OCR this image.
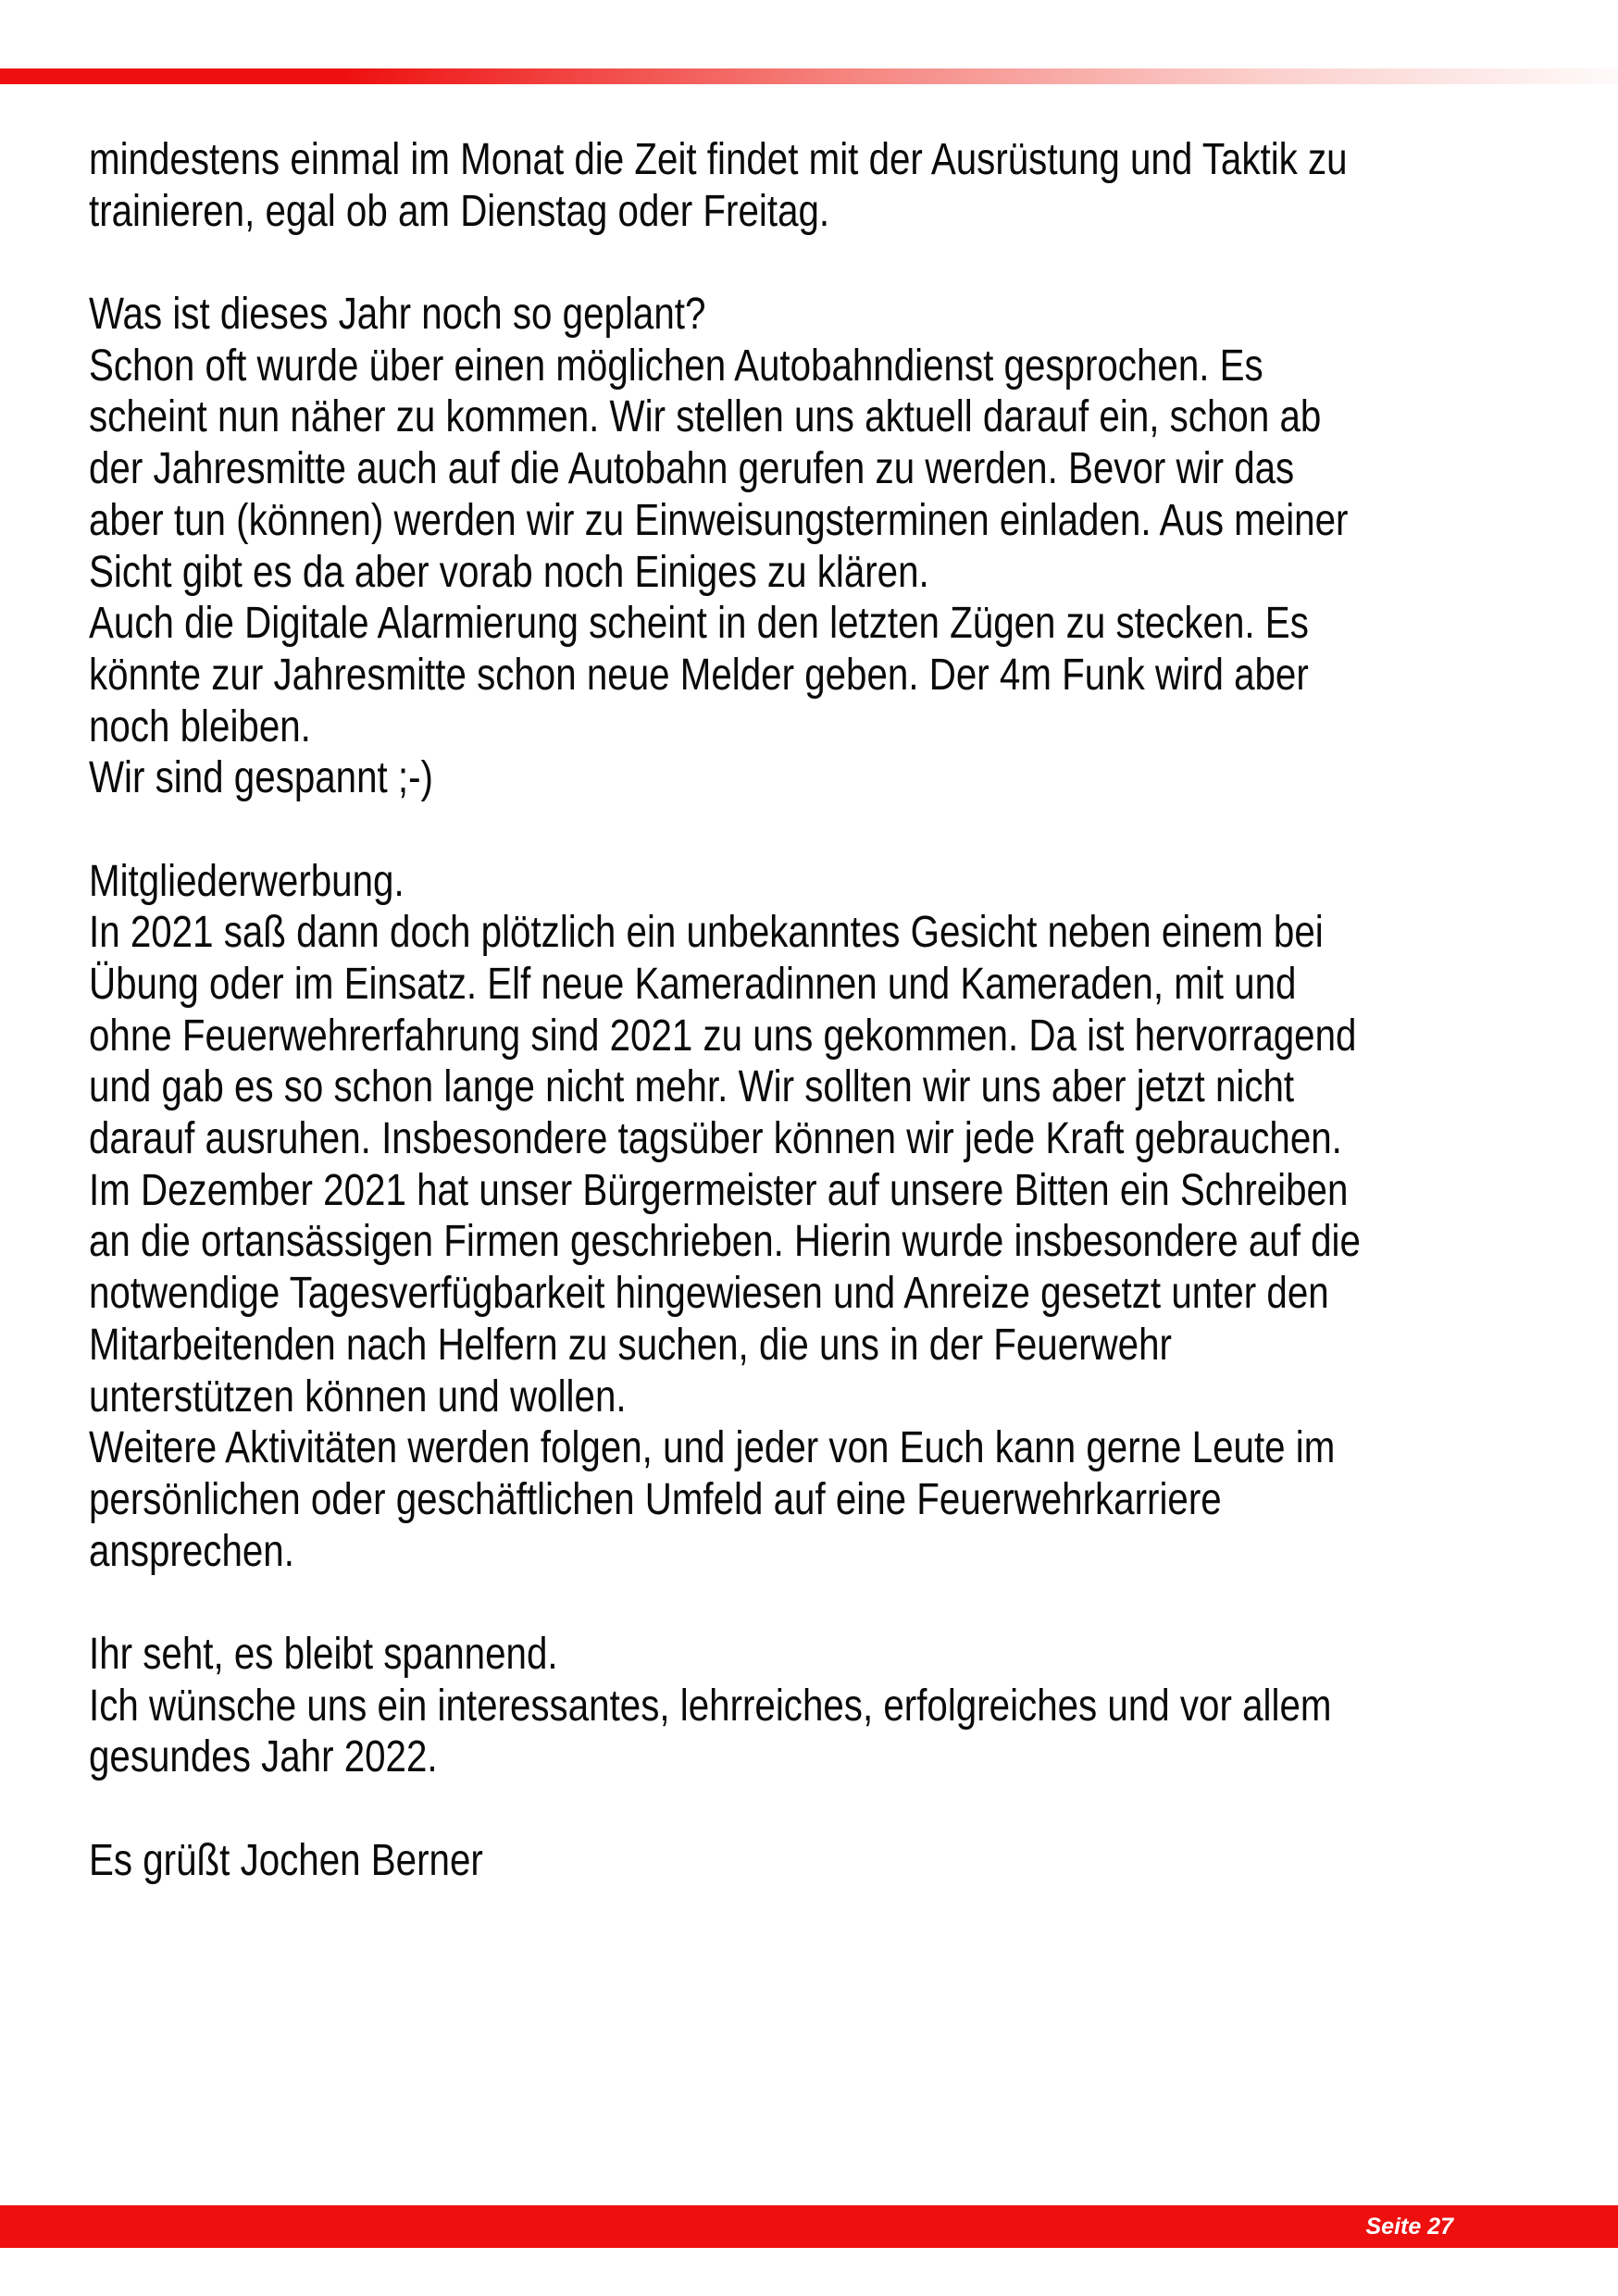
mindestens einmal im Monat die Zeit findet mit der Ausrüstung und Taktik zu
trainieren, egal ob am Dienstag oder Freitag.

Was ist dieses Jahr noch so geplant?
Schon oft wurde über einen möglichen Autobahndienst gesprochen. Es
scheint nun näher zu kommen. Wir stellen uns aktuell darauf ein, schon ab
der Jahresmitte auch auf die Autobahn gerufen zu werden. Bevor wir das
aber tun (können) werden wir zu Einweisungsterminen einladen. Aus meiner
Sicht gibt es da aber vorab noch Einiges zu klären.
Auch die Digitale Alarmierung scheint in den letzten Zügen zu stecken. Es
könnte zur Jahresmitte schon neue Melder geben. Der 4m Funk wird aber
noch bleiben.
Wir sind gespannt ;-)

Mitgliederwerbung.
In 2021 saß dann doch plötzlich ein unbekanntes Gesicht neben einem bei
Übung oder im Einsatz. Elf neue Kameradinnen und Kameraden, mit und
ohne Feuerwehrerfahrung sind 2021 zu uns gekommen. Da ist hervorragend
und gab es so schon lange nicht mehr. Wir sollten wir uns aber jetzt nicht
darauf ausruhen. Insbesondere tagsüber können wir jede Kraft gebrauchen.
Im Dezember 2021 hat unser Bürgermeister auf unsere Bitten ein Schreiben
an die ortansässigen Firmen geschrieben. Hierin wurde insbesondere auf die
notwendige Tagesverfügbarkeit hingewiesen und Anreize gesetzt unter den
Mitarbeitenden nach Helfern zu suchen, die uns in der Feuerwehr
unterstützen können und wollen.
Weitere Aktivitäten werden folgen, und jeder von Euch kann gerne Leute im
persönlichen oder geschäftlichen Umfeld auf eine Feuerwehrkarriere
ansprechen.

Ihr seht, es bleibt spannend.
Ich wünsche uns ein interessantes, lehrreiches, erfolgreiches und vor allem
gesundes Jahr 2022.

Es grüßt Jochen Berner
Seite 27
